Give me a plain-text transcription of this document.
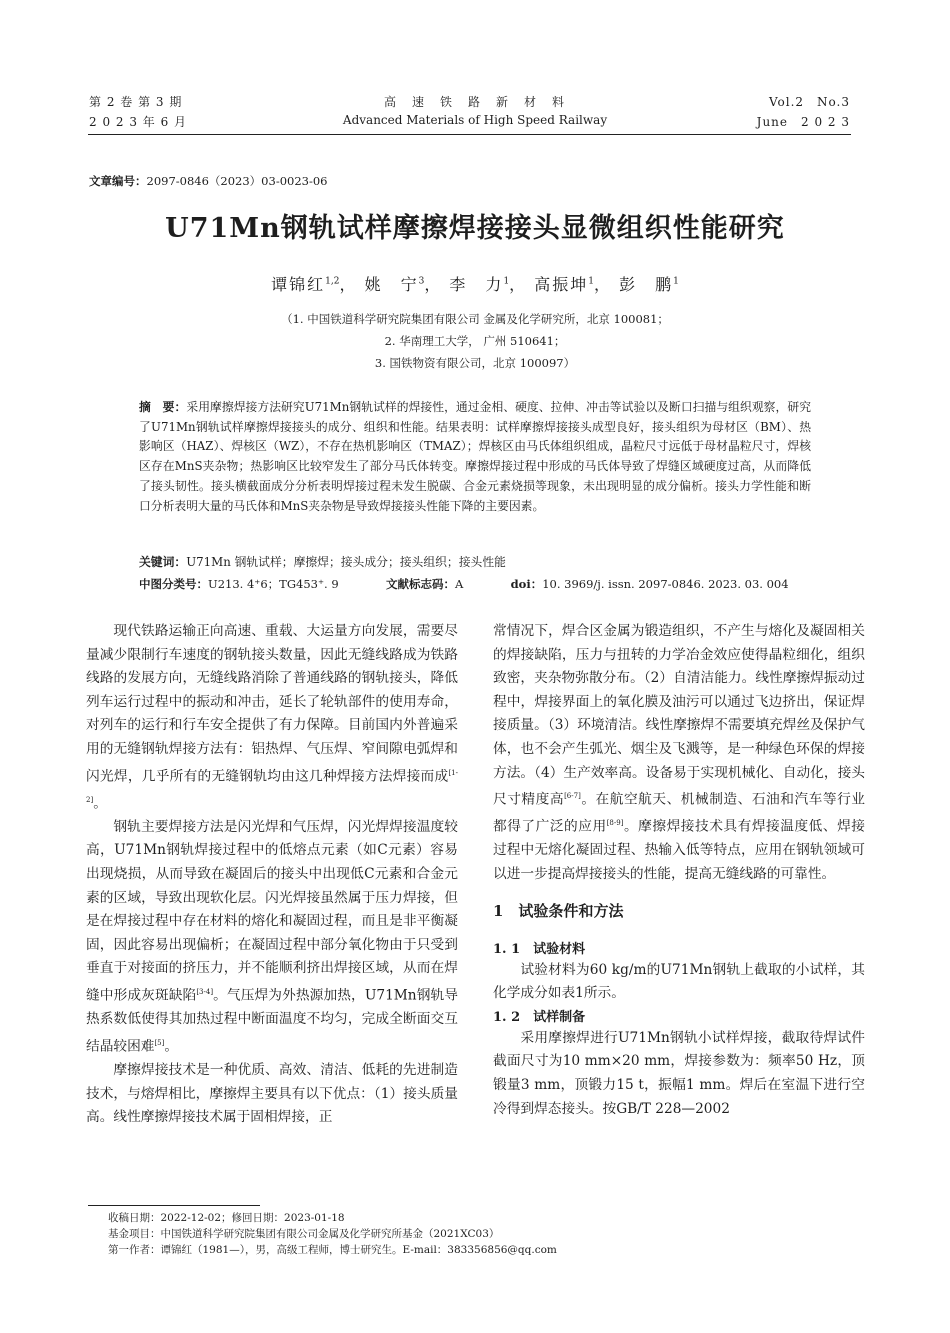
第 2 卷 第 3 期
2 0 2 3 年 6 月
高　速　铁　路　新　材　料
Advanced Materials of High Speed Railway
Vol.2　No.3
June　2 0 2 3
文章编号：2097-0846（2023）03-0023-06
U71Mn钢轨试样摩擦焊接接头显微组织性能研究
谭锦红$^{1,2}$， 姚　宁$^3$， 李　力$^1$， 高振坤$^1$， 彭　鹏$^1$
（1. 中国铁道科学研究院集团有限公司 金属及化学研究所，北京 100081；
2. 华南理工大学， 广州 510641；
3. 国铁物资有限公司，北京 100097）
摘　要：采用摩擦焊接方法研究U71Mn钢轨试样的焊接性，通过金相、硬度、拉伸、冲击等试验以及断口扫描与组织观察，研究了U71Mn钢轨试样摩擦焊接接头的成分、组织和性能。结果表明：试样摩擦焊接接头成型良好，接头组织为母材区（BM）、热影响区（HAZ）、焊核区（WZ），不存在热机影响区（TMAZ）；焊核区由马氏体组织组成，晶粒尺寸远低于母材晶粒尺寸，焊核区存在MnS夹杂物；热影响区比较窄发生了部分马氏体转变。摩擦焊接过程中形成的马氏体导致了焊缝区域硬度过高，从而降低了接头韧性。接头横截面成分分析表明焊接过程未发生脱碳、合金元素烧损等现象，未出现明显的成分偏析。接头力学性能和断口分析表明大量的马氏体和MnS夹杂物是导致焊接接头性能下降的主要因素。
关键词：U71Mn 钢轨试样；摩擦焊；接头成分；接头组织；接头性能
中图分类号：U213. 4⁺6；TG453⁺. 9	文献标志码：A	doi：10. 3969/j. issn. 2097-0846. 2023. 03. 004

现代铁路运输正向高速、重载、大运量方向发展，需要尽量减少限制行车速度的钢轨接头数量，因此无缝线路成为铁路线路的发展方向，无缝线路消除了普通线路的钢轨接头，降低列车运行过程中的振动和冲击，延长了轮轨部件的使用寿命，对列车的运行和行车安全提供了有力保障。目前国内外普遍采用的无缝钢轨焊接方法有：铝热焊、气压焊、窄间隙电弧焊和闪光焊，几乎所有的无缝钢轨均由这几种焊接方法焊接而成[1-2]。

钢轨主要焊接方法是闪光焊和气压焊，闪光焊焊接温度较高，U71Mn钢轨焊接过程中的低熔点元素（如C元素）容易出现烧损，从而导致在凝固后的接头中出现低C元素和合金元素的区域，导致出现软化层。闪光焊接虽然属于压力焊接，但是在焊接过程中存在材料的熔化和凝固过程，而且是非平衡凝固，因此容易出现偏析；在凝固过程中部分氧化物由于只受到垂直于对接面的挤压力，并不能顺利挤出焊接区域，从而在焊缝中形成灰斑缺陷[3-4]。气压焊为外热源加热，U71Mn钢轨导热系数低使得其加热过程中断面温度不均匀，完成全断面交互结晶较困难[5]。

摩擦焊接技术是一种优质、高效、清洁、低耗的先进制造技术，与熔焊相比，摩擦焊主要具有以下优点：（1）接头质量高。线性摩擦焊接技术属于固相焊接，正

常情况下，焊合区金属为锻造组织，不产生与熔化及凝固相关的焊接缺陷，压力与扭转的力学冶金效应使得晶粒细化，组织致密，夹杂物弥散分布。（2）自清洁能力。线性摩擦焊振动过程中，焊接界面上的氧化膜及油污可以通过飞边挤出，保证焊接质量。（3）环境清洁。线性摩擦焊不需要填充焊丝及保护气体，也不会产生弧光、烟尘及飞溅等，是一种绿色环保的焊接方法。（4）生产效率高。设备易于实现机械化、自动化，接头尺寸精度高[6-7]。在航空航天、机械制造、石油和汽车等行业都得了广泛的应用[8-9]。摩擦焊接技术具有焊接温度低、焊接过程中无熔化凝固过程、热输入低等特点，应用在钢轨领域可以进一步提高焊接接头的性能，提高无缝线路的可靠性。

1　试验条件和方法
1. 1　试验材料

试验材料为60 kg/m的U71Mn钢轨上截取的小试样，其化学成分如表1所示。

1. 2　试样制备

采用摩擦焊进行U71Mn钢轨小试样焊接，截取待焊试件截面尺寸为10 mm×20 mm，焊接参数为：频率50 Hz，顶锻量3 mm，顶锻力15 t，振幅1 mm。焊后在室温下进行空冷得到焊态接头。按GB/T 228—2002

收稿日期：2022-12-02；修回日期：2023-01-18
基金项目：中国铁道科学研究院集团有限公司金属及化学研究所基金（2021XC03）
第一作者：谭锦红（1981—），男，高级工程师，博士研究生。E-mail：383356856@qq.com
